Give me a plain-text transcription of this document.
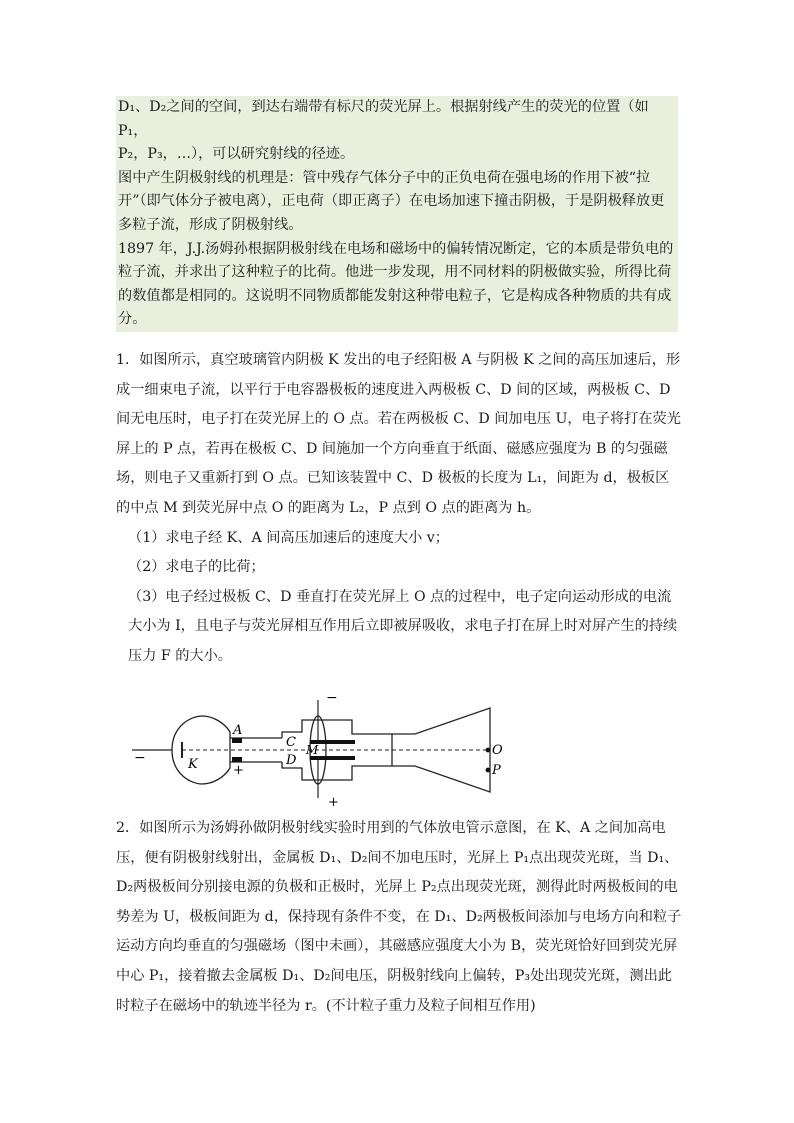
D₁、D₂之间的空间，到达右端带有标尺的荧光屏上。根据射线产生的荧光的位置（如 P₁，

P₂，P₃，…），可以研究射线的径迹。

图中产生阴极射线的机理是：管中残存气体分子中的正负电荷在强电场的作用下被“拉开”（即气体分子被电离），正电荷（即正离子）在电场加速下撞击阴极，于是阴极释放更多粒子流，形成了阴极射线。

1897 年，J.J.汤姆孙根据阴极射线在电场和磁场中的偏转情况断定，它的本质是带负电的粒子流，并求出了这种粒子的比荷。他进一步发现，用不同材料的阴极做实验，所得比荷的数值都是相同的。这说明不同物质都能发射这种带电粒子，它是构成各种物质的共有成分。

1．如图所示，真空玻璃管内阴极 K 发出的电子经阳极 A 与阴极 K 之间的高压加速后，形成一细束电子流，以平行于电容器极板的速度进入两极板 C、D 间的区域，两极板 C、D 间无电压时，电子打在荧光屏上的 O 点。若在两极板 C、D 间加电压 U，电子将打在荧光屏上的 P 点，若再在极板 C、D 间施加一个方向垂直于纸面、磁感应强度为 B 的匀强磁场，则电子又重新打到 O 点。已知该装置中 C、D 极板的长度为 L₁，间距为 d，极板区的中点 M 到荧光屏中点 O 的距离为 L₂，P 点到 O 点的距离为 h。

（1）求电子经 K、A 间高压加速后的速度大小 v；

（2）求电子的比荷；

（3）电子经过极板 C、D 垂直打在荧光屏上 O 点的过程中，电子定向运动形成的电流大小为 I，且电子与荧光屏相互作用后立即被屏吸收，求电子打在屏上时对屏产生的持续压力 F 的大小。

−	K
A
+
C M
D
−
+
O
P

2．如图所示为汤姆孙做阴极射线实验时用到的气体放电管示意图，在 K、A 之间加高电压，便有阴极射线射出，金属板 D₁、D₂间不加电压时，光屏上 P₁点出现荧光斑，当 D₁、D₂两极板间分别接电源的负极和正极时，光屏上 P₂点出现荧光斑，测得此时两极板间的电势差为 U，极板间距为 d，保持现有条件不变，在 D₁、D₂两极板间添加与电场方向和粒子运动方向均垂直的匀强磁场（图中未画），其磁感应强度大小为 B，荧光斑恰好回到荧光屏中心 P₁，接着撤去金属板 D₁、D₂间电压，阴极射线向上偏转，P₃处出现荧光斑，测出此时粒子在磁场中的轨迹半径为 r。(不计粒子重力及粒子间相互作用)
